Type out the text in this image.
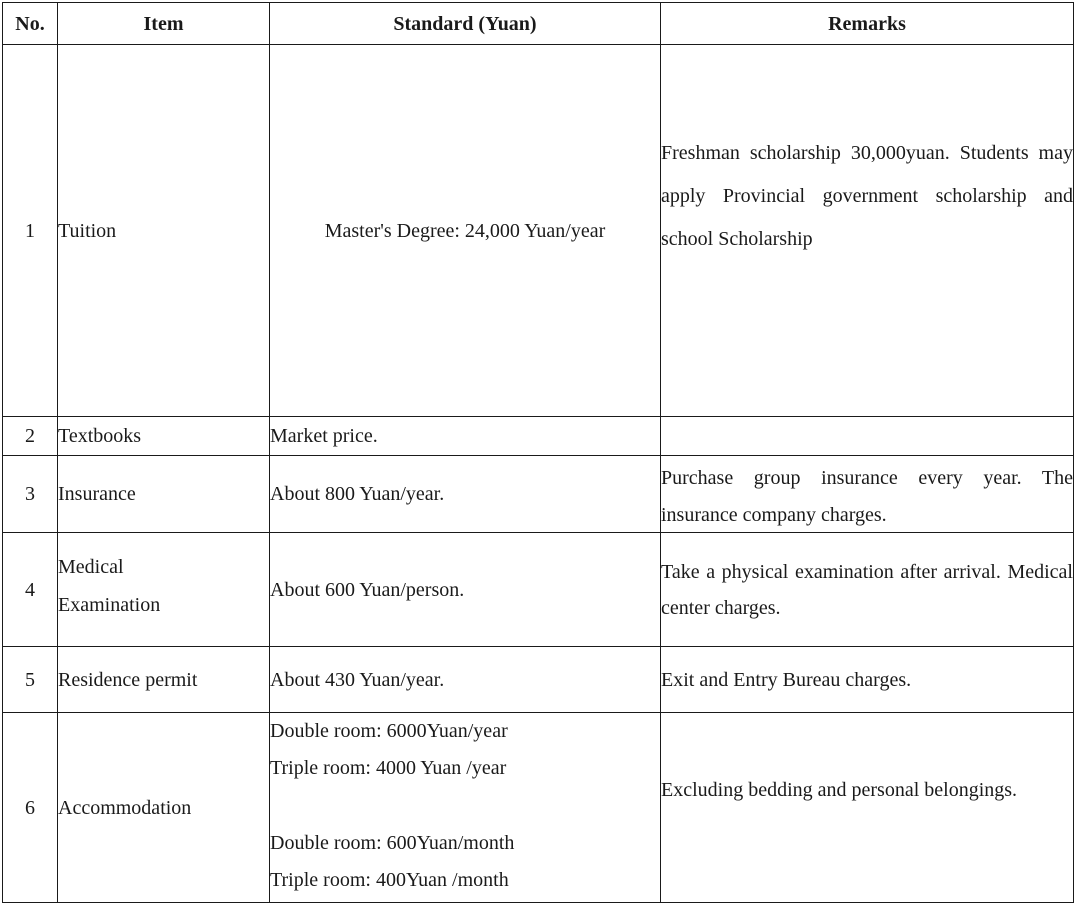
No.	Item	Standard (Yuan)	Remarks
1	Tuition	Master's Degree: 24,000 Yuan/year	Freshman scholarship 30,000yuan. Students may apply Provincial government scholarship and school Scholarship

2	Textbooks	Market price.	
3	Insurance	About 800 Yuan/year.	Purchase group insurance every year. The insurance company charges.

4	Medical Examination	About 600 Yuan/person.	Take a physical examination after arrival. Medical center charges.

5	Residence permit	About 430 Yuan/year.	Exit and Entry Bureau charges.
6	Accommodation	Double room: 6000Yuan/year
Triple room: 4000 Yuan /year
Double room: 600Yuan/month
Triple room: 400Yuan /month	Excluding bedding and personal belongings.
